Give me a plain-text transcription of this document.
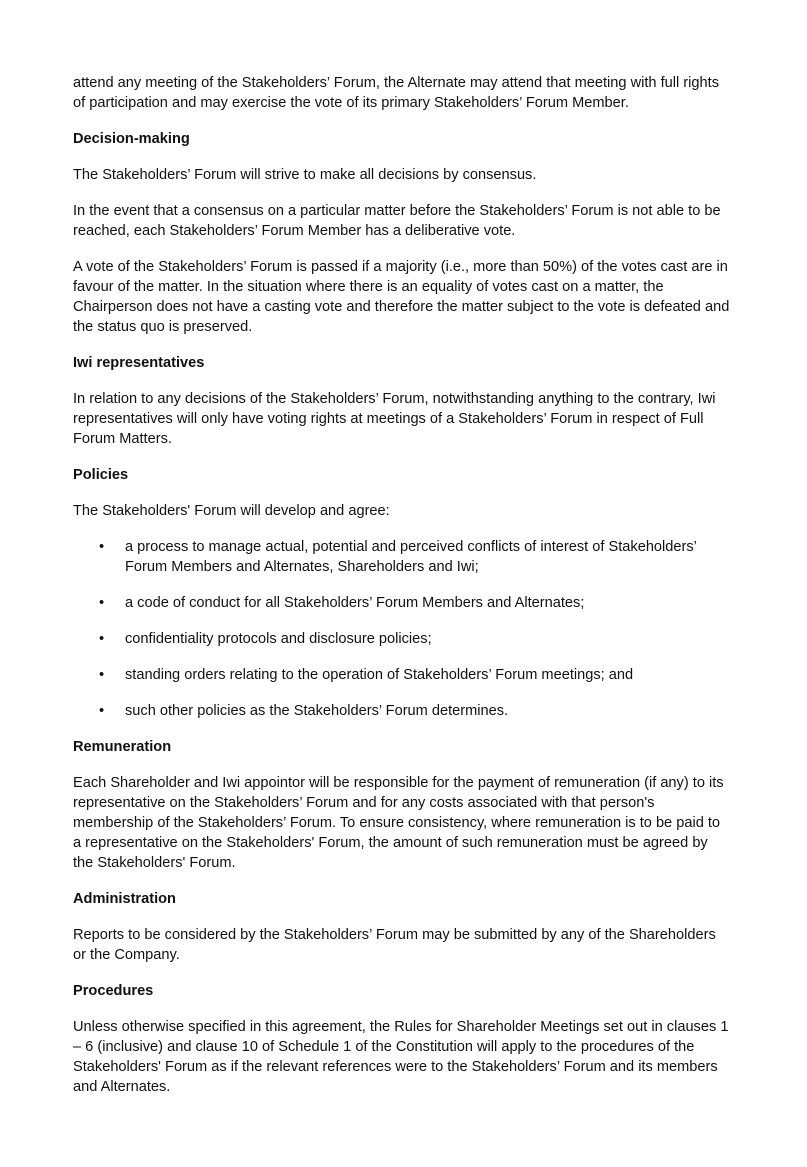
attend any meeting of the Stakeholders’ Forum, the Alternate may attend that meeting with full rights
of participation and may exercise the vote of its primary Stakeholders’ Forum Member.

Decision-making

The Stakeholders’ Forum will strive to make all decisions by consensus.

In the event that a consensus on a particular matter before the Stakeholders’ Forum is not able to be
reached, each Stakeholders’ Forum Member has a deliberative vote.

A vote of the Stakeholders’ Forum is passed if a majority (i.e., more than 50%) of the votes cast are in
favour of the matter. In the situation where there is an equality of votes cast on a matter, the
Chairperson does not have a casting vote and therefore the matter subject to the vote is defeated and
the status quo is preserved.

Iwi representatives

In relation to any decisions of the Stakeholders’ Forum, notwithstanding anything to the contrary, Iwi
representatives will only have voting rights at meetings of a Stakeholders’ Forum in respect of Full
Forum Matters.

Policies

The Stakeholders' Forum will develop and agree:

• a process to manage actual, potential and perceived conflicts of interest of Stakeholders’
Forum Members and Alternates, Shareholders and Iwi;
• a code of conduct for all Stakeholders’ Forum Members and Alternates;
• confidentiality protocols and disclosure policies;
• standing orders relating to the operation of Stakeholders’ Forum meetings; and
• such other policies as the Stakeholders’ Forum determines.
Remuneration

Each Shareholder and Iwi appointor will be responsible for the payment of remuneration (if any) to its
representative on the Stakeholders’ Forum and for any costs associated with that person's
membership of the Stakeholders’ Forum. To ensure consistency, where remuneration is to be paid to
a representative on the Stakeholders' Forum, the amount of such remuneration must be agreed by
the Stakeholders' Forum.

Administration

Reports to be considered by the Stakeholders’ Forum may be submitted by any of the Shareholders
or the Company.

Procedures

Unless otherwise specified in this agreement, the Rules for Shareholder Meetings set out in clauses 1
– 6 (inclusive) and clause 10 of Schedule 1 of the Constitution will apply to the procedures of the
Stakeholders' Forum as if the relevant references were to the Stakeholders’ Forum and its members
and Alternates.
